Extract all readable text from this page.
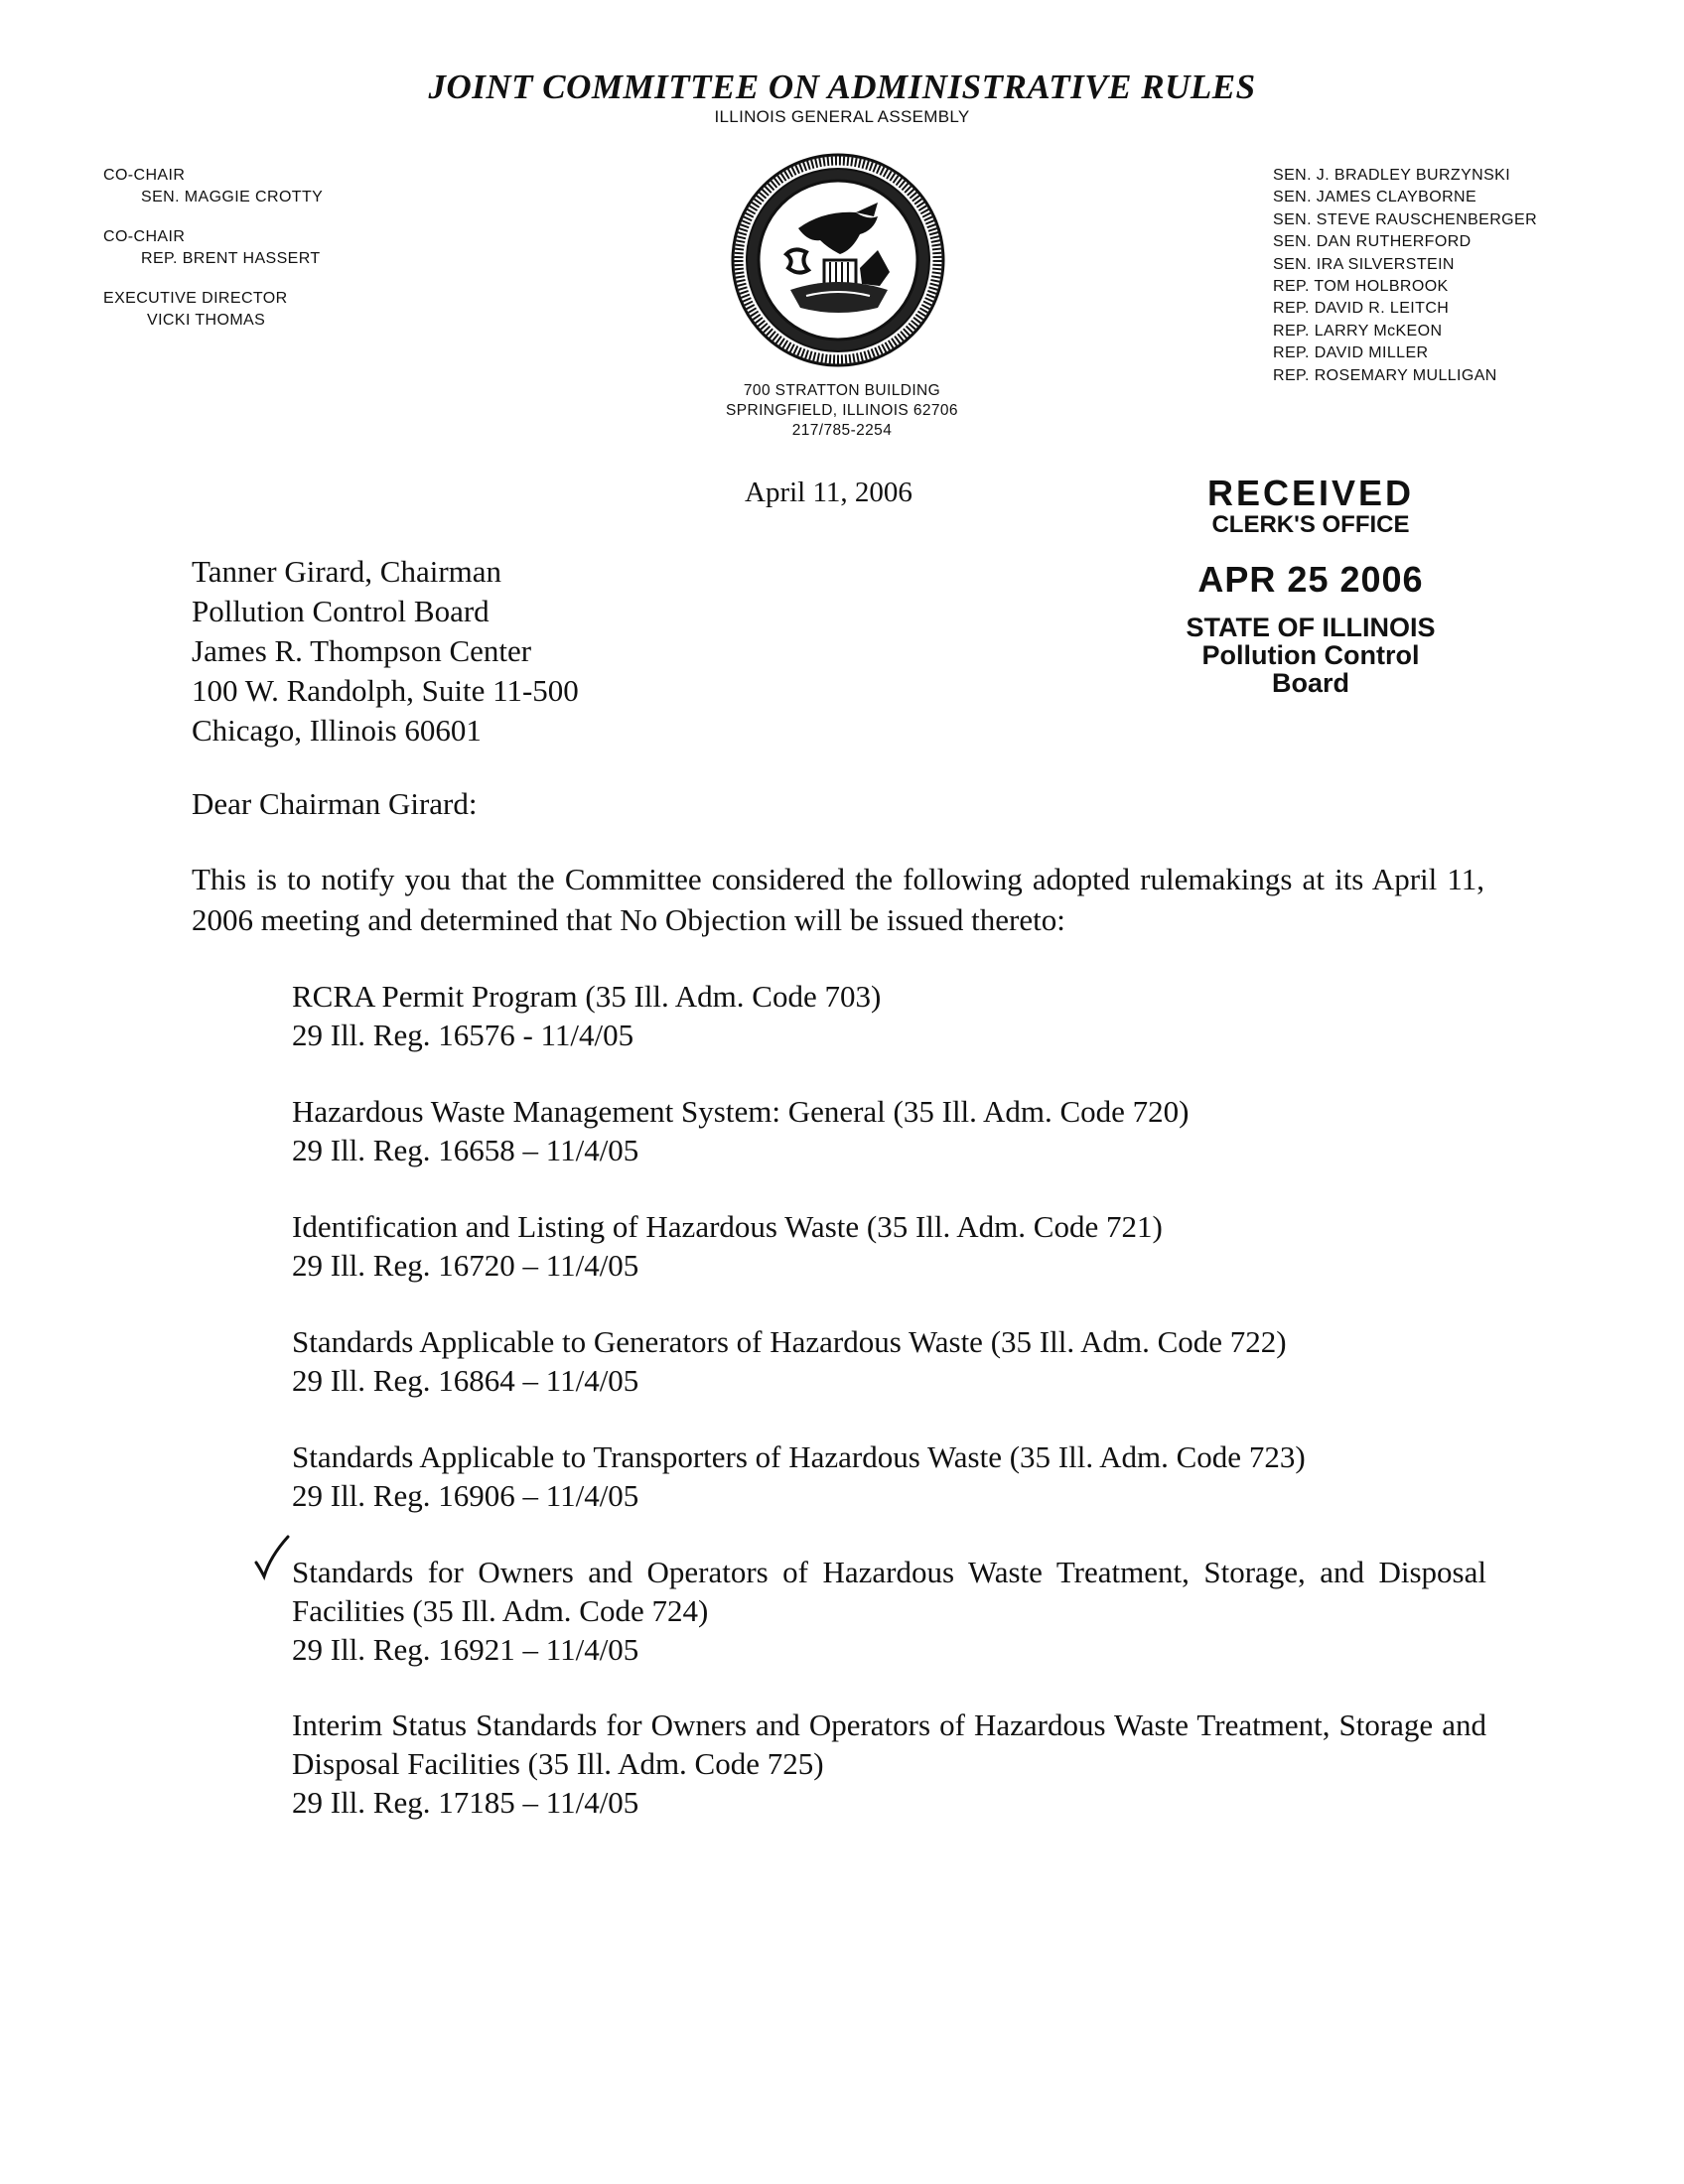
JOINT COMMITTEE ON ADMINISTRATIVE RULES
ILLINOIS GENERAL ASSEMBLY
CO-CHAIR
SEN. MAGGIE CROTTY
CO-CHAIR
REP. BRENT HASSERT
EXECUTIVE DIRECTOR
VICKI THOMAS
SEN. J. BRADLEY BURZYNSKI
SEN. JAMES CLAYBORNE
SEN. STEVE RAUSCHENBERGER
SEN. DAN RUTHERFORD
SEN. IRA SILVERSTEIN
REP. TOM HOLBROOK
REP. DAVID R. LEITCH
REP. LARRY McKEON
REP. DAVID MILLER
REP. ROSEMARY MULLIGAN
700 STRATTON BUILDING
SPRINGFIELD, ILLINOIS 62706
217/785-2254
April 11, 2006	RECEIVED
CLERK'S OFFICE
APR 25 2006
STATE OF ILLINOIS
Pollution Control Board
Tanner Girard, Chairman
Pollution Control Board
James R. Thompson Center
100 W. Randolph, Suite 11-500
Chicago, Illinois 60601
Dear Chairman Girard:
This is to notify you that the Committee considered the following adopted rulemakings at its April 11, 2006 meeting and determined that No Objection will be issued thereto:
RCRA Permit Program (35 Ill. Adm. Code 703)
29 Ill. Reg. 16576 - 11/4/05
Hazardous Waste Management System: General (35 Ill. Adm. Code 720)
29 Ill. Reg. 16658 – 11/4/05
Identification and Listing of Hazardous Waste (35 Ill. Adm. Code 721)
29 Ill. Reg. 16720 – 11/4/05
Standards Applicable to Generators of Hazardous Waste (35 Ill. Adm. Code 722)
29 Ill. Reg. 16864 – 11/4/05
Standards Applicable to Transporters of Hazardous Waste (35 Ill. Adm. Code 723)
29 Ill. Reg. 16906 – 11/4/05
Standards for Owners and Operators of Hazardous Waste Treatment, Storage, and Disposal Facilities (35 Ill. Adm. Code 724)
29 Ill. Reg. 16921 – 11/4/05
Interim Status Standards for Owners and Operators of Hazardous Waste Treatment, Storage and Disposal Facilities (35 Ill. Adm. Code 725)
29 Ill. Reg. 17185 – 11/4/05
